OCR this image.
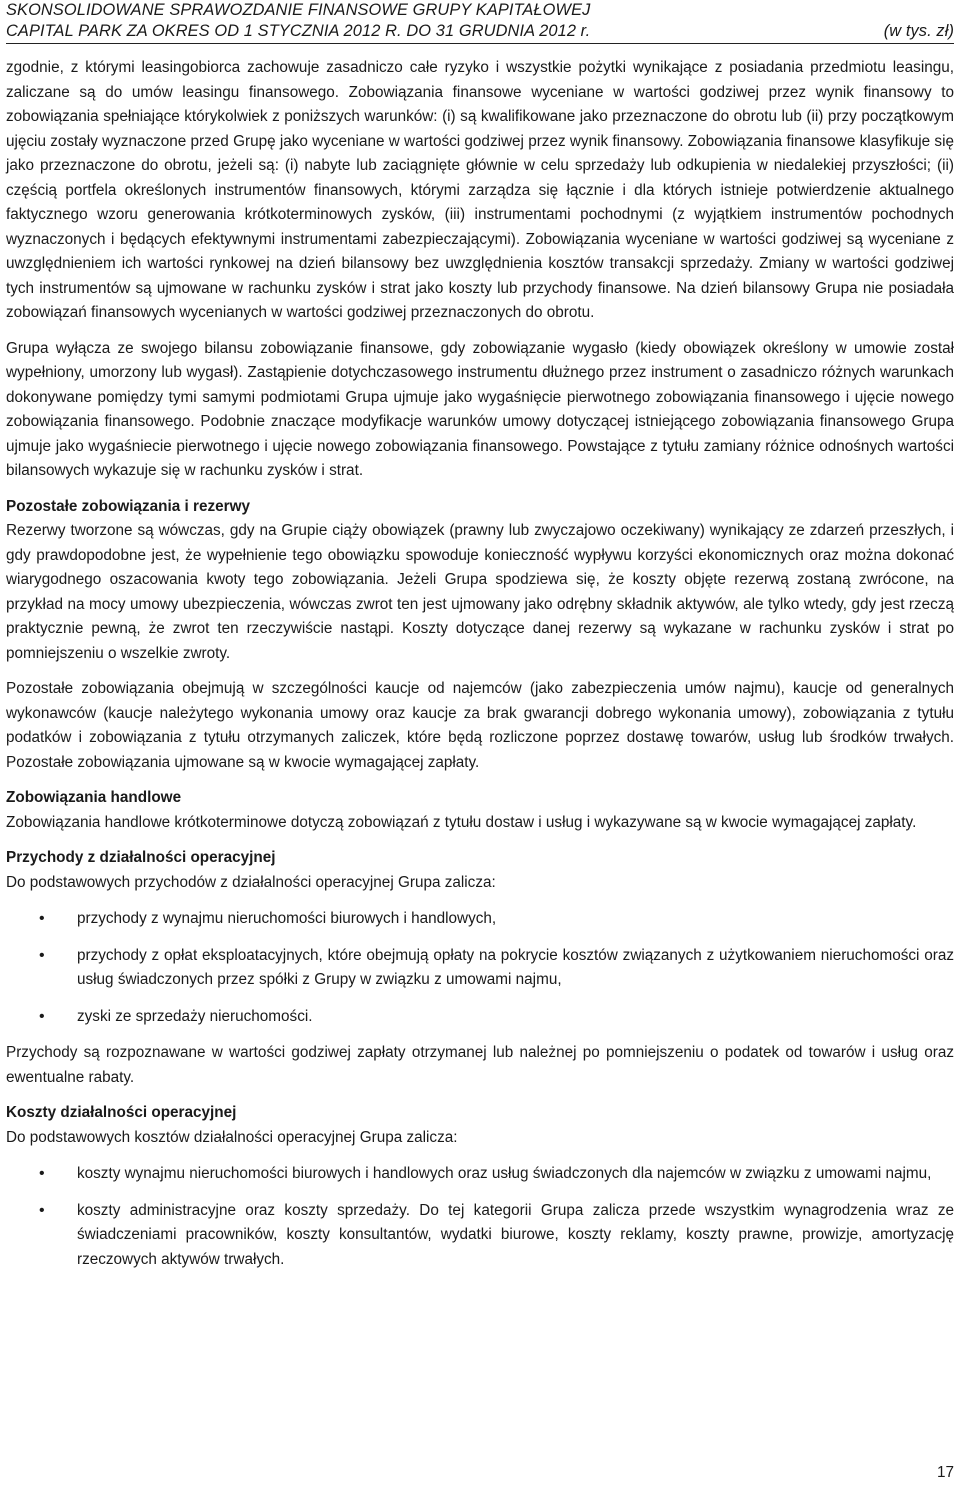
SKONSOLIDOWANE SPRAWOZDANIE FINANSOWE GRUPY KAPITAŁOWEJ
CAPITAL PARK ZA OKRES OD 1 STYCZNIA 2012 R. DO 31 GRUDNIA 2012 r.	(w tys. zł)

zgodnie, z którymi leasingobiorca zachowuje zasadniczo całe ryzyko i wszystkie pożytki wynikające z posiadania przedmiotu leasingu, zaliczane są do umów leasingu finansowego. Zobowiązania finansowe wyceniane w wartości godziwej przez wynik finansowy to zobowiązania spełniające którykolwiek z poniższych warunków: (i) są kwalifikowane jako przeznaczone do obrotu lub (ii) przy początkowym ujęciu zostały wyznaczone przed Grupę jako wyceniane w wartości godziwej przez wynik finansowy. Zobowiązania finansowe klasyfikuje się jako przeznaczone do obrotu, jeżeli są: (i) nabyte lub zaciągnięte głównie w celu sprzedaży lub odkupienia w niedalekiej przyszłości; (ii) częścią portfela określonych instrumentów finansowych, którymi zarządza się łącznie i dla których istnieje potwierdzenie aktualnego faktycznego wzoru generowania krótkoterminowych zysków, (iii) instrumentami pochodnymi (z wyjątkiem instrumentów pochodnych wyznaczonych i będących efektywnymi instrumentami zabezpieczającymi). Zobowiązania wyceniane w wartości godziwej są wyceniane z uwzględnieniem ich wartości rynkowej na dzień bilansowy bez uwzględnienia kosztów transakcji sprzedaży. Zmiany w wartości godziwej tych instrumentów są ujmowane w rachunku zysków i strat jako koszty lub przychody finansowe. Na dzień bilansowy Grupa nie posiadała zobowiązań finansowych wycenianych w wartości godziwej przeznaczonych do obrotu.

Grupa wyłącza ze swojego bilansu zobowiązanie finansowe, gdy zobowiązanie wygasło (kiedy obowiązek określony w umowie został wypełniony, umorzony lub wygasł). Zastąpienie dotychczasowego instrumentu dłużnego przez instrument o zasadniczo różnych warunkach dokonywane pomiędzy tymi samymi podmiotami Grupa ujmuje jako wygaśnięcie pierwotnego zobowiązania finansowego i ujęcie nowego zobowiązania finansowego. Podobnie znaczące modyfikacje warunków umowy dotyczącej istniejącego zobowiązania finansowego Grupa ujmuje jako wygaśniecie pierwotnego i ujęcie nowego zobowiązania finansowego. Powstające z tytułu zamiany różnice odnośnych wartości bilansowych wykazuje się w rachunku zysków i strat.

Pozostałe zobowiązania i rezerwy

Rezerwy tworzone są wówczas, gdy na Grupie ciąży obowiązek (prawny lub zwyczajowo oczekiwany) wynikający ze zdarzeń przeszłych, i gdy prawdopodobne jest, że wypełnienie tego obowiązku spowoduje konieczność wypływu korzyści ekonomicznych oraz można dokonać wiarygodnego oszacowania kwoty tego zobowiązania. Jeżeli Grupa spodziewa się, że koszty objęte rezerwą zostaną zwrócone, na przykład na mocy umowy ubezpieczenia, wówczas zwrot ten jest ujmowany jako odrębny składnik aktywów, ale tylko wtedy, gdy jest rzeczą praktycznie pewną, że zwrot ten rzeczywiście nastąpi. Koszty dotyczące danej rezerwy są wykazane w rachunku zysków i strat po pomniejszeniu o wszelkie zwroty.

Pozostałe zobowiązania obejmują w szczególności kaucje od najemców (jako zabezpieczenia umów najmu), kaucje od generalnych wykonawców (kaucje należytego wykonania umowy oraz kaucje za brak gwarancji dobrego wykonania umowy), zobowiązania z tytułu podatków i zobowiązania z tytułu otrzymanych zaliczek, które będą rozliczone poprzez dostawę towarów, usług lub środków trwałych. Pozostałe zobowiązania ujmowane są w kwocie wymagającej zapłaty.

Zobowiązania handlowe

Zobowiązania handlowe krótkoterminowe dotyczą zobowiązań z tytułu dostaw i usług i wykazywane są w kwocie wymagającej zapłaty.

Przychody z działalności operacyjnej

Do podstawowych przychodów z działalności operacyjnej Grupa zalicza:

• przychody z wynajmu nieruchomości biurowych i handlowych,
• przychody z opłat eksploatacyjnych, które obejmują opłaty na pokrycie kosztów związanych z użytkowaniem nieruchomości oraz usług świadczonych przez spółki z Grupy w związku z umowami najmu,
• zyski ze sprzedaży nieruchomości.

Przychody są rozpoznawane w wartości godziwej zapłaty otrzymanej lub należnej po pomniejszeniu o podatek od towarów i usług oraz ewentualne rabaty.

Koszty działalności operacyjnej

Do podstawowych kosztów działalności operacyjnej Grupa zalicza:

• koszty wynajmu nieruchomości biurowych i handlowych oraz usług świadczonych dla najemców w związku z umowami najmu,
• koszty administracyjne oraz koszty sprzedaży. Do tej kategorii Grupa zalicza przede wszystkim wynagrodzenia wraz ze świadczeniami pracowników, koszty konsultantów, wydatki biurowe, koszty reklamy, koszty prawne, prowizje, amortyzację rzeczowych aktywów trwałych.
17
